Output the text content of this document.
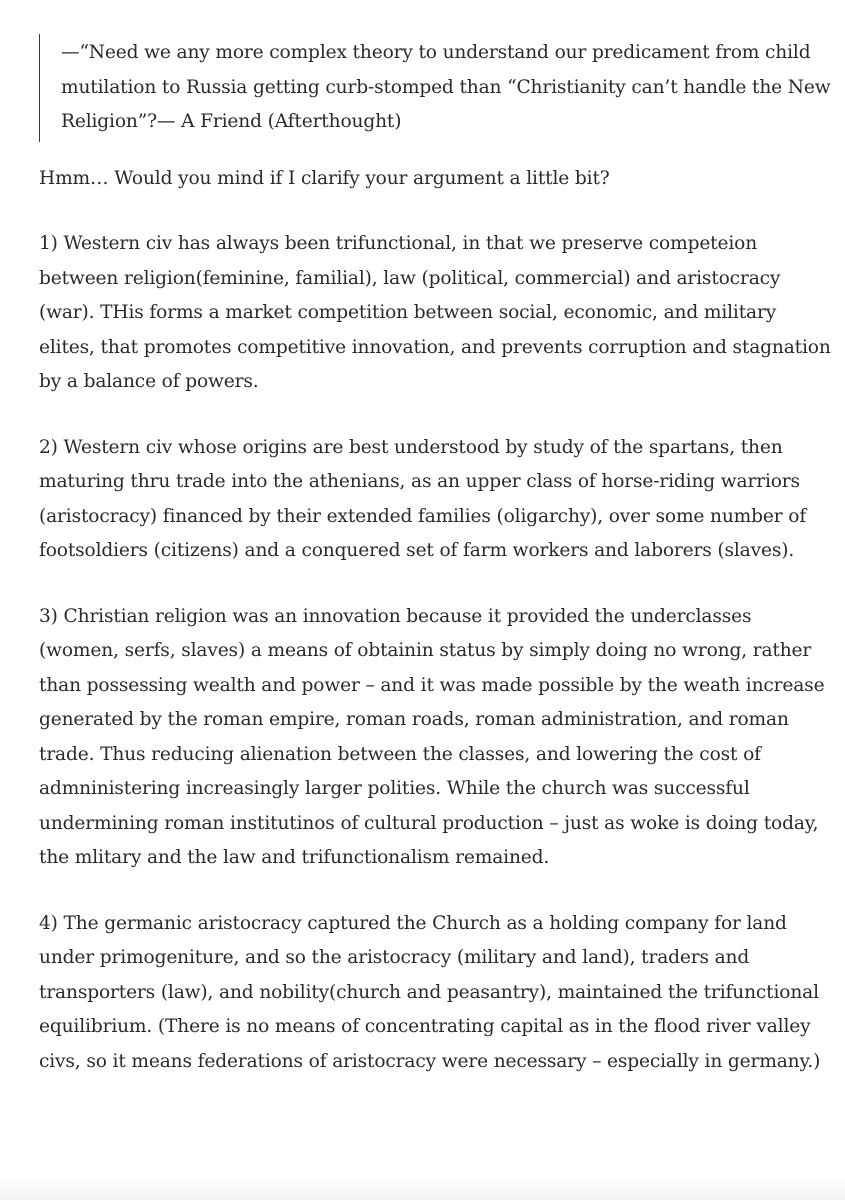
—“Need we any more complex theory to understand our predicament from child mutilation to Russia getting curb-stomped than “Christianity can’t handle the New Religion”?— A Friend (Afterthought)

Hmm… Would you mind if I clarify your argument a little bit?

1) Western civ has always been trifunctional, in that we preserve competeion between religion(feminine, familial), law (political, commercial) and aristocracy (war). THis forms a market competition between social, economic, and military elites, that promotes competitive innovation, and prevents corruption and stagnation by a balance of powers.

2) Western civ whose origins are best understood by study of the spartans, then maturing thru trade into the athenians, as an upper class of horse-riding warriors (aristocracy) financed by their extended families (oligarchy), over some number of footsoldiers (citizens) and a conquered set of farm workers and laborers (slaves).

3) Christian religion was an innovation because it provided the underclasses (women, serfs, slaves) a means of obtainin status by simply doing no wrong, rather than possessing wealth and power – and it was made possible by the weath increase generated by the roman empire, roman roads, roman administration, and roman trade. Thus reducing alienation between the classes, and lowering the cost of admninistering increasingly larger polities. While the church was successful undermining roman institutinos of cultural production – just as woke is doing today, the mlitary and the law and trifunctionalism remained.

4) The germanic aristocracy captured the Church as a holding company for land under primogeniture, and so the aristocracy (military and land), traders and transporters (law), and nobility(church and peasantry), maintained the trifunctional equilibrium. (There is no means of concentrating capital as in the flood river valley civs, so it means federations of aristocracy were necessary – especially in germany.)
